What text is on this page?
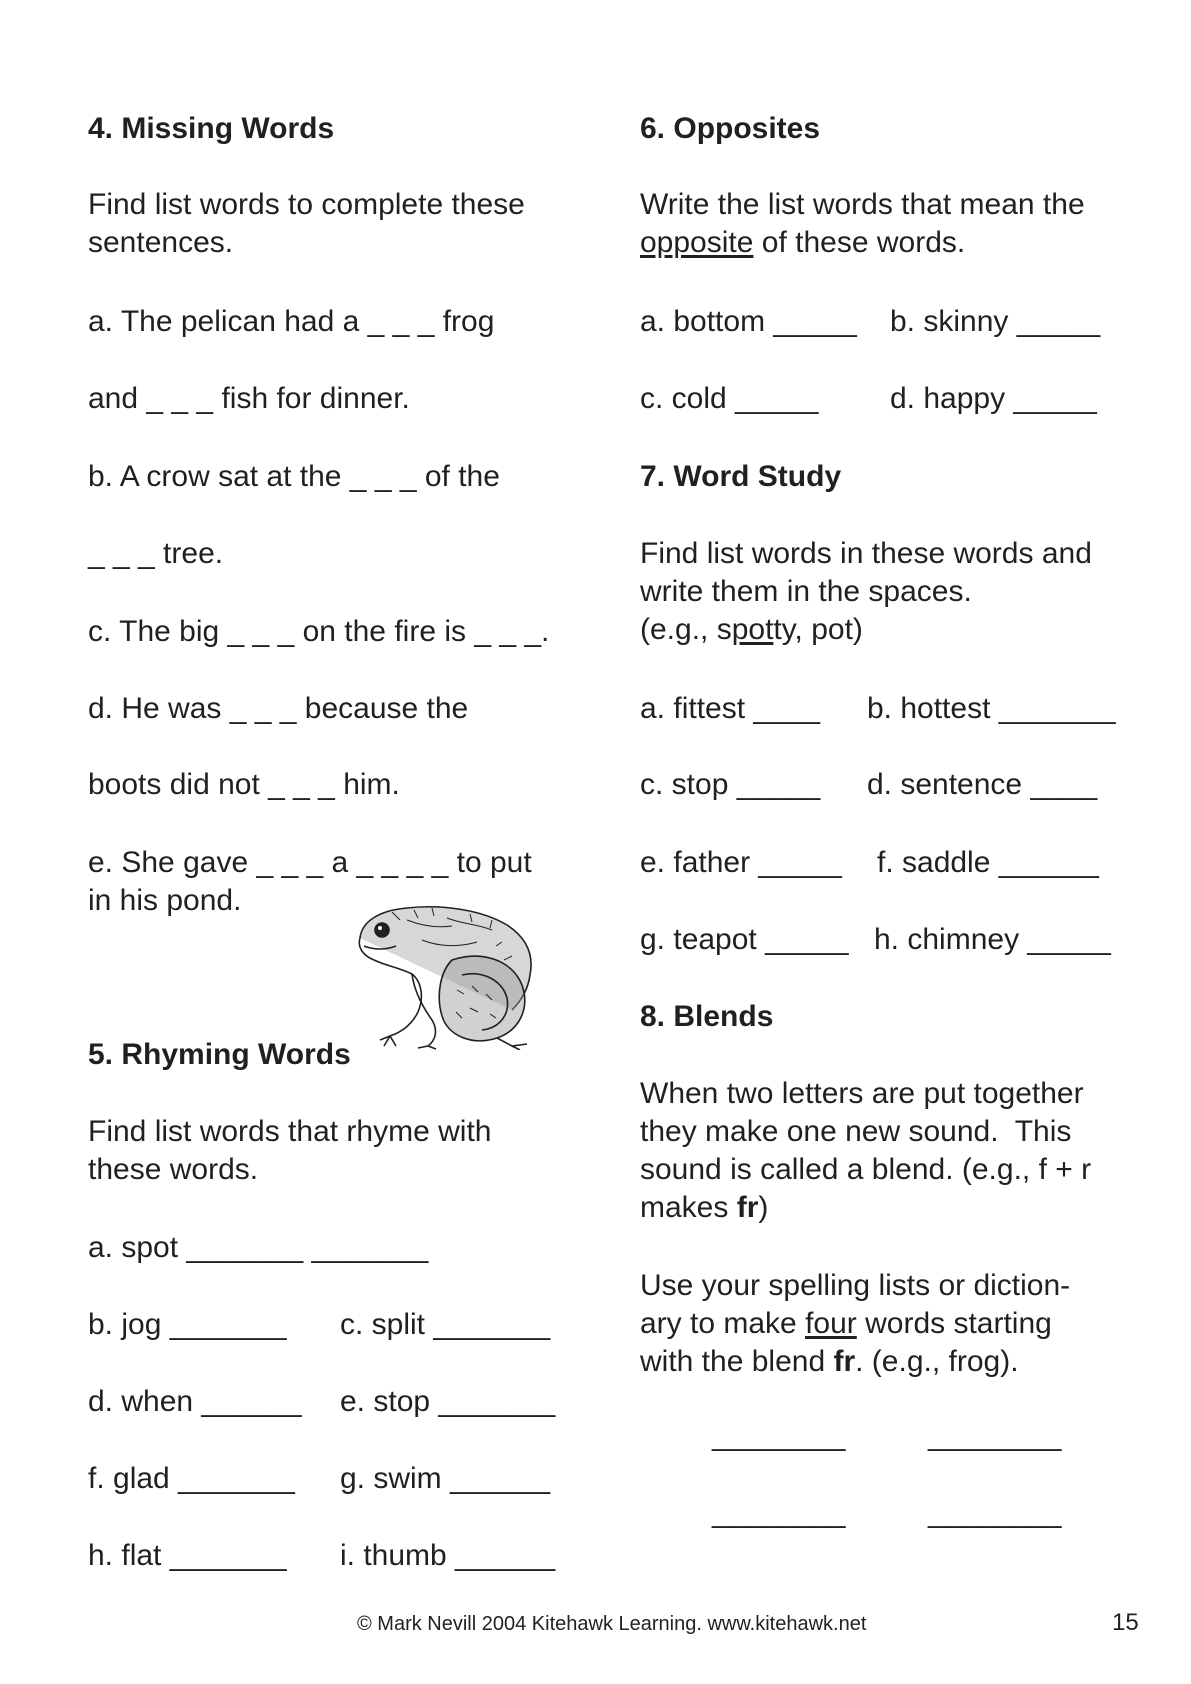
4. Missing Words
Find list words to complete these
sentences.
a. The pelican had a _ _ _ frog
and _ _ _ fish for dinner.
b. A crow sat at the _ _ _ of the
_ _ _ tree.
c. The big _ _ _ on the fire is _ _ _.
d. He was _ _ _ because the
boots did not _ _ _ him.
e. She gave _ _ _ a _ _ _ _ to put
in his pond.
5. Rhyming Words
Find list words that rhyme with
these words.
a. spot _______ _______
b. jog _______ c. split _______
d. when ______ e. stop _______
f. glad _______ g. swim ______
h. flat _______ i. thumb ______
6. Opposites
Write the list words that mean the
opposite of these words.
a. bottom _____ b. skinny _____
c. cold _____ d. happy _____
7. Word Study
Find list words in these words and
write them in the spaces.
(e.g., spotty, pot)
a. fittest ____ b. hottest _______
c. stop _____ d. sentence ____
e. father _____ f. saddle ______
g. teapot _____ h. chimney _____
8. Blends
When two letters are put together
they make one new sound.  This
sound is called a blend. (e.g., f + r
makes fr)
Use your spelling lists or diction-
ary to make four words starting
with the blend fr. (e.g., frog).
________	________
________	________
© Mark Nevill 2004 Kitehawk Learning. www.kitehawk.net	15
